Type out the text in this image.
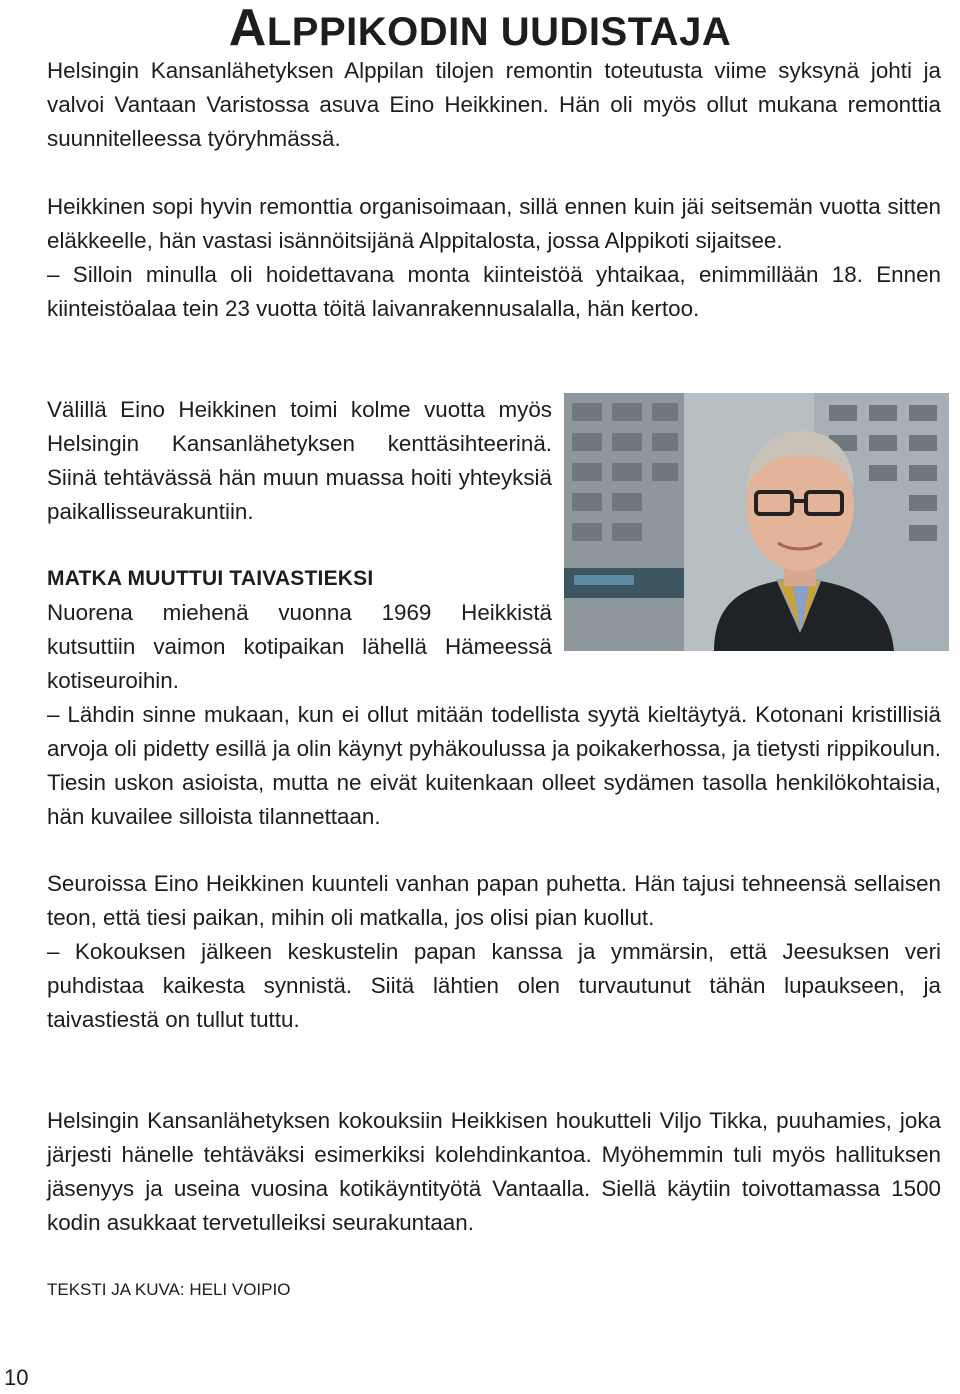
ALPPIKODIN UUDISTAJA

Helsingin Kansanlähetyksen Alppilan tilojen remontin toteutusta viime syksynä johti ja valvoi Vantaan Varistossa asuva Eino Heikkinen. Hän oli myös ollut mukana remonttia suunnitelleessa työryhmässä.

Heikkinen sopi hyvin remonttia organisoimaan, sillä ennen kuin jäi seitsemän vuotta sitten eläkkeelle, hän vastasi isännöitsijänä Alppitalosta, jossa Alppikoti sijaitsee.

– Silloin minulla oli hoidettavana monta kiinteistöä yhtaikaa, enimmillään 18. Ennen kiinteistöalaa tein 23 vuotta töitä laivanrakennusalalla, hän kertoo.

Välillä Eino Heikkinen toimi kolme vuotta myös Helsingin Kansanlähetyksen kenttäsihteerinä. Siinä tehtävässä hän muun muassa hoiti yhteyksiä paikallisseurakuntiin.

MATKA MUUTTUI TAIVASTIEKSI

Nuorena miehenä vuonna 1969 Heikkistä kutsuttiin vaimon kotipaikan lähellä Hämeessä kotiseuroihin.

– Lähdin sinne mukaan, kun ei ollut mitään todellista syytä kieltäytyä. Kotonani kristillisiä arvoja oli pidetty esillä ja olin käynyt pyhäkoulussa ja poikakerhossa, ja tietysti rippikoulun. Tiesin uskon asioista, mutta ne eivät kuitenkaan olleet sydämen tasolla henkilökohtaisia, hän kuvailee silloista tilannettaan.

Seuroissa Eino Heikkinen kuunteli vanhan papan puhetta. Hän tajusi tehneensä sellaisen teon, että tiesi paikan, mihin oli matkalla, jos olisi pian kuollut.

– Kokouksen jälkeen keskustelin papan kanssa ja ymmärsin, että Jeesuksen veri puhdistaa kaikesta synnistä. Siitä lähtien olen turvautunut tähän lupaukseen, ja taivastiestä on tullut tuttu.

Helsingin Kansanlähetyksen kokouksiin Heikkisen houkutteli Viljo Tikka, puuhamies, joka järjesti hänelle tehtäväksi esimerkiksi kolehdinkantoa. Myöhemmin tuli myös hallituksen jäsenyys ja useina vuosina kotikäyntityötä Vantaalla. Siellä käytiin toivottamassa 1500 kodin asukkaat tervetulleiksi seurakuntaan.

TEKSTI JA KUVA: HELI VOIPIO

10
